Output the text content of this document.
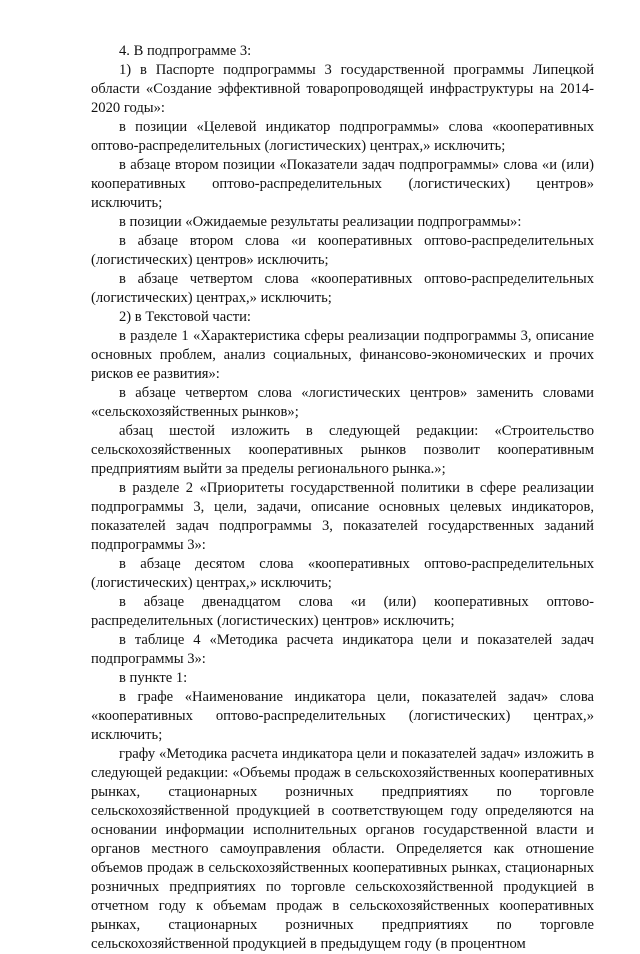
4. В подпрограмме 3:

1) в Паспорте подпрограммы 3 государственной программы Липецкой области «Создание эффективной товаропроводящей инфраструктуры на 2014-2020 годы»:

в позиции «Целевой индикатор подпрограммы» слова «кооперативных оптово-распределительных (логистических) центрах,» исключить;

в абзаце втором позиции «Показатели задач подпрограммы» слова «и (или) кооперативных оптово-распределительных (логистических) центров» исключить;

в позиции «Ожидаемые результаты реализации подпрограммы»:

в абзаце втором слова «и кооперативных оптово-распределительных (логистических) центров» исключить;

в абзаце четвертом слова «кооперативных оптово-распределительных (логистических) центрах,» исключить;

2) в Текстовой части:

в разделе 1 «Характеристика сферы реализации подпрограммы 3, описание основных проблем, анализ социальных, финансово-экономических и прочих рисков ее развития»:

в абзаце четвертом слова «логистических центров» заменить словами «сельскохозяйственных рынков»;

абзац шестой изложить в следующей редакции: «Строительство сельскохозяйственных кооперативных рынков позволит кооперативным предприятиям выйти за пределы регионального рынка.»;

в разделе 2 «Приоритеты государственной политики в сфере реализации подпрограммы 3, цели, задачи, описание основных целевых индикаторов, показателей задач подпрограммы 3, показателей государственных заданий подпрограммы 3»:

в абзаце десятом слова «кооперативных оптово-распределительных (логистических) центрах,» исключить;

в абзаце двенадцатом слова «и (или) кооперативных оптово-распределительных (логистических) центров» исключить;

в таблице 4 «Методика расчета индикатора цели и показателей задач подпрограммы 3»:

в пункте 1:

в графе «Наименование индикатора цели, показателей задач» слова «кооперативных оптово-распределительных (логистических) центрах,» исключить;

графу «Методика расчета индикатора цели и показателей задач» изложить в следующей редакции: «Объемы продаж в сельскохозяйственных кооперативных рынках, стационарных розничных предприятиях по торговле сельскохозяйственной продукцией в соответствующем году определяются на основании информации исполнительных органов государственной власти и органов местного самоуправления области. Определяется как отношение объемов продаж в сельскохозяйственных кооперативных рынках, стационарных розничных предприятиях по торговле сельскохозяйственной продукцией в отчетном году к объемам продаж в сельскохозяйственных кооперативных рынках, стационарных розничных предприятиях по торговле сельскохозяйственной продукцией в предыдущем году (в процентном
